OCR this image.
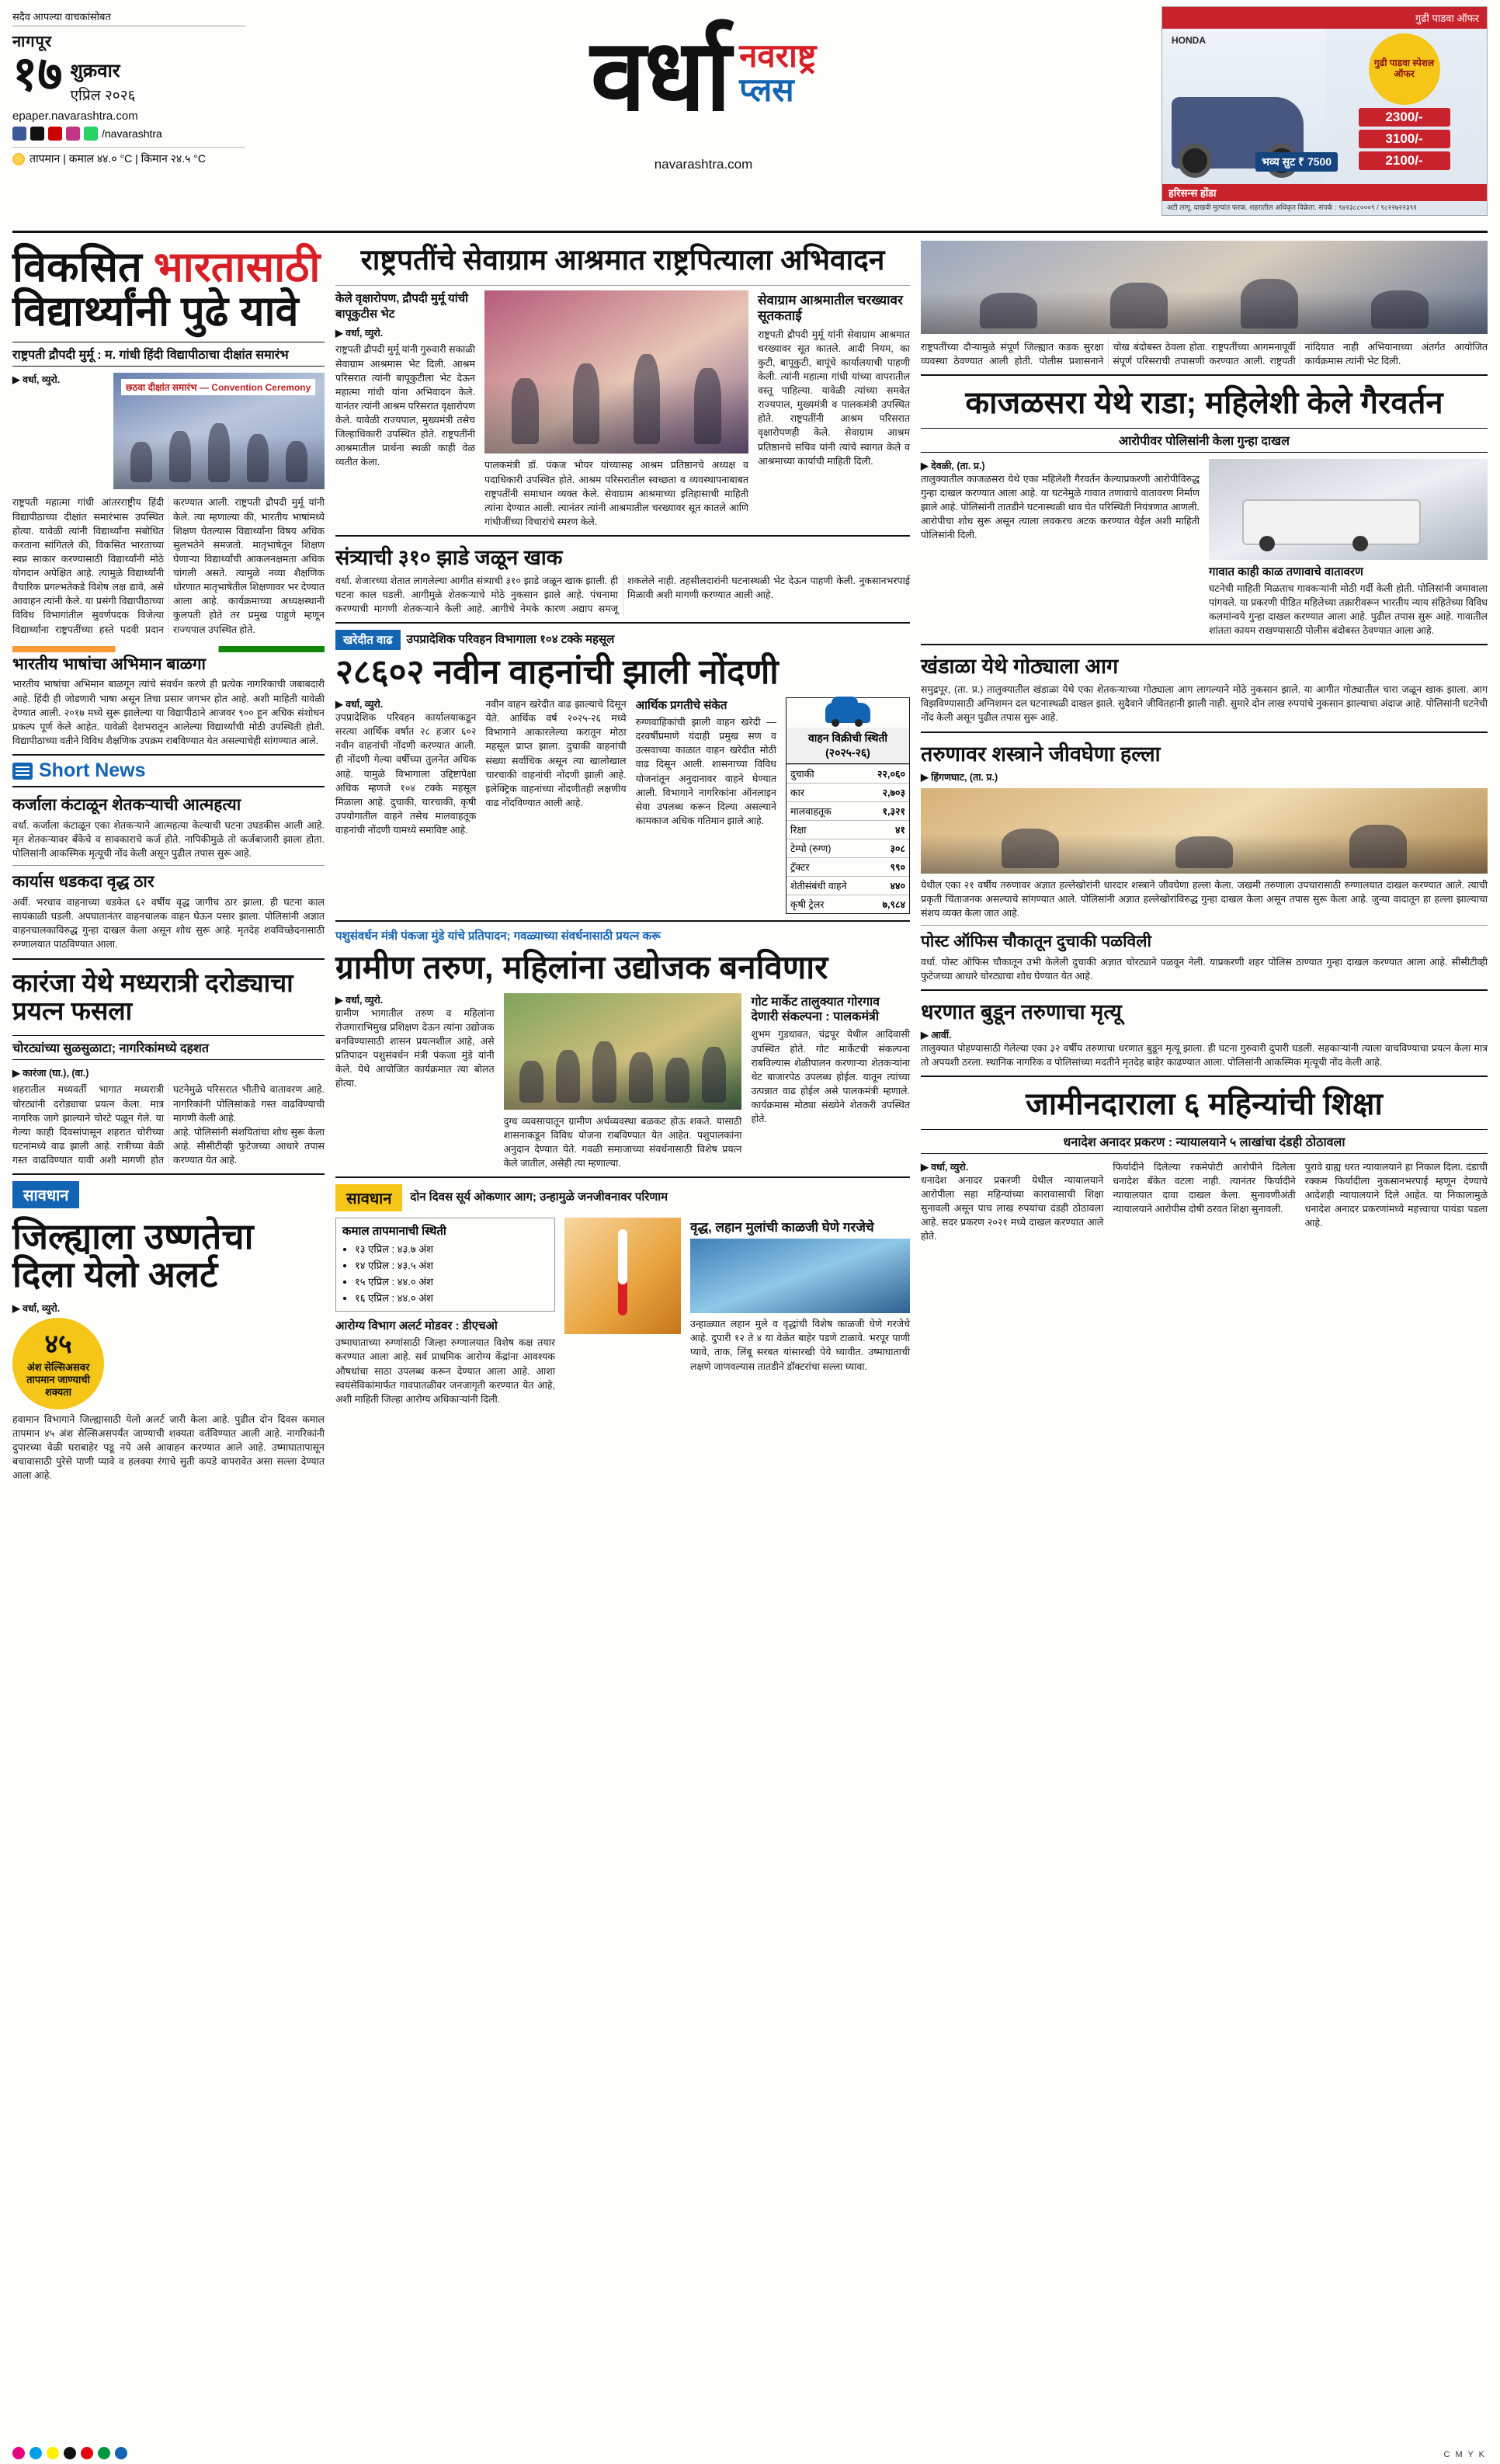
सदैव आपल्या वाचकांसोबत
नागपूर
१७ शुक्रवार
एप्रिल २०२६
epaper.navarashtra.com
/navarashtra
तापमान | कमाल ४४.० °C | किमान २४.५ °C
वर्धा नवराष्ट्र
प्लस
navarashtra.com
गुढी पाडवा ऑफर
HONDA
गुढी पाडवा स्पेशल ऑफर
2300/-
3100/-
2100/-
भव्य सुट ₹ 7500
हरिसन्स होंडा
अटी लागू. दाखवी मुल्यांत फरक. शहरातील अधिकृत विक्रेता. संपर्क : ९४२३८८०००९ / ९८२२७२२३९१
विकसित भारतासाठी
विद्यार्थ्यांनी पुढे यावे
राष्ट्रपती द्रौपदी मुर्मू : म. गांधी हिंदी विद्यापीठाचा दीक्षांत समारंभ
▶ वर्धा, व्युरो.
छठवा दीक्षांत समारंभ — Convention Ceremony
राष्ट्रपती महात्मा गांधी आंतरराष्ट्रीय हिंदी विद्यापीठाच्या दीक्षांत समारंभास उपस्थित होत्या. यावेळी त्यांनी विद्यार्थ्यांना संबोधित करताना सांगितले की, विकसित भारताच्या स्वप्न साकार करण्यासाठी विद्यार्थ्यांनी मोठे योगदान अपेक्षित आहे. त्यामुळे विद्यार्थ्यांनी वैचारिक प्रगल्भतेकडे विशेष लक्ष द्यावे, असे आवाहन त्यांनी केले. या प्रसंगी विद्यापीठाच्या विविध विभागांतील सुवर्णपदक विजेत्या विद्यार्थ्यांना राष्ट्रपतींच्या हस्ते पदवी प्रदान करण्यात आली. राष्ट्रपती द्रौपदी मुर्मू यांनी केले. त्या म्हणाल्या की, भारतीय भाषांमध्ये शिक्षण घेतल्यास विद्यार्थ्यांना विषय अधिक सुलभतेने समजतो. मातृभाषेतून शिक्षण घेणाऱ्या विद्यार्थ्यांची आकलनक्षमता अधिक चांगली असते. त्यामुळे नव्या शैक्षणिक धोरणात मातृभाषेतील शिक्षणावर भर देण्यात आला आहे. कार्यक्रमाच्या अध्यक्षस्थानी कुलपती होते तर प्रमुख पाहुणे म्हणून राज्यपाल उपस्थित होते.
भारतीय भाषांचा अभिमान बाळगा
भारतीय भाषांचा अभिमान बाळगून त्यांचे संवर्धन करणे ही प्रत्येक नागरिकाची जबाबदारी आहे. हिंदी ही जोडणारी भाषा असून तिचा प्रसार जगभर होत आहे. अशी माहिती यावेळी देण्यात आली. २०१७ मध्ये सुरू झालेल्या या विद्यापीठाने आजवर ९०० हून अधिक संशोधन प्रकल्प पूर्ण केले आहेत. यावेळी देशभरातून आलेल्या विद्यार्थ्यांची मोठी उपस्थिती होती. विद्यापीठाच्या वतीने विविध शैक्षणिक उपक्रम राबविण्यात येत असल्याचेही सांगण्यात आले.
Short News
कर्जाला कंटाळून शेतकऱ्याची आत्महत्या
वर्धा. कर्जाला कंटाळून एका शेतकऱ्याने आत्महत्या केल्याची घटना उघडकीस आली आहे. मृत शेतकऱ्यावर बँकेचे व सावकाराचे कर्ज होते. नापिकीमुळे तो कर्जबाजारी झाला होता. पोलिसांनी आकस्मिक मृत्यूची नोंद केली असून पुढील तपास सुरू आहे.
कार्यास धडकदा वृद्ध ठार
अर्वी. भरधाव वाहनाच्या धडकेत ६२ वर्षीय वृद्ध जागीच ठार झाला. ही घटना काल सायंकाळी घडली. अपघातानंतर वाहनचालक वाहन घेऊन पसार झाला. पोलिसांनी अज्ञात वाहनचालकाविरुद्ध गुन्हा दाखल केला असून शोध सुरू आहे. मृतदेह शवविच्छेदनासाठी रुग्णालयात पाठविण्यात आला.
कारंजा येथे मध्यरात्री दरोड्याचा प्रयत्न फसला
चोरट्यांच्या सुळसुळाटा; नागरिकांमध्ये दहशत
▶ कारंजा (घा.), (वा.)
शहरातील मध्यवर्ती भागात मध्यरात्री चोरट्यांनी दरोड्याचा प्रयत्न केला. मात्र नागरिक जागे झाल्याने चोरटे पळून गेले. या घटनेमुळे परिसरात भीतीचे वातावरण आहे. नागरिकांनी पोलिसांकडे गस्त वाढविण्याची मागणी केली आहे.
गेल्या काही दिवसांपासून शहरात चोरीच्या घटनांमध्ये वाढ झाली आहे. रात्रीच्या वेळी गस्त वाढविण्यात यावी अशी मागणी होत आहे. पोलिसांनी संशयितांचा शोध सुरू केला आहे. सीसीटीव्ही फुटेजच्या आधारे तपास करण्यात येत आहे.
सावधान
जिल्ह्याला उष्णतेचा दिला येलो अलर्ट
▶ वर्धा, व्युरो.
४५
अंश सेल्सिअसवर तापमान जाण्याची शक्यता
हवामान विभागाने जिल्ह्यासाठी येलो अलर्ट जारी केला आहे. पुढील दोन दिवस कमाल तापमान ४५ अंश सेल्सिअसपर्यंत जाण्याची शक्यता वर्तविण्यात आली आहे. नागरिकांनी दुपारच्या वेळी घराबाहेर पडू नये असे आवाहन करण्यात आले आहे. उष्माघातापासून बचावासाठी पुरेसे पाणी प्यावे व हलक्या रंगाचे सुती कपडे वापरावेत असा सल्ला देण्यात आला आहे.
राष्ट्रपतींचे सेवाग्राम आश्रमात राष्ट्रपित्याला अभिवादन
केले वृक्षारोपण, द्रौपदी मुर्मू यांची बापूकुटीस भेट
▶ वर्धा, व्युरो.
राष्ट्रपती द्रौपदी मुर्मू यांनी गुरुवारी सकाळी सेवाग्राम आश्रमास भेट दिली. आश्रम परिसरात त्यांनी बापूकुटीला भेट देऊन महात्मा गांधी यांना अभिवादन केले. यानंतर त्यांनी आश्रम परिसरात वृक्षारोपण केले. यावेळी राज्यपाल, मुख्यमंत्री तसेच जिल्हाधिकारी उपस्थित होते. राष्ट्रपतींनी आश्रमातील प्रार्थना स्थळी काही वेळ व्यतीत केला.	पालकमंत्री डॉ. पंकज भोयर यांच्यासह आश्रम प्रतिष्ठानचे अध्यक्ष व पदाधिकारी उपस्थित होते. आश्रम परिसरातील स्वच्छता व व्यवस्थापनाबाबत राष्ट्रपतींनी समाधान व्यक्त केले. सेवाग्राम आश्रमाच्या इतिहासाची माहिती त्यांना देण्यात आली. त्यानंतर त्यांनी आश्रमातील चरख्यावर सूत कातले आणि गांधीजींच्या विचारांचे स्मरण केले.
सेवाग्राम आश्रमातील चरख्यावर सूतकताई
राष्ट्रपती द्रौपदी मुर्मू यांनी सेवाग्राम आश्रमात चरख्यावर सूत कातले. आदी नियम, का कुटी, बापूकुटी, बापूंचे कार्यालयाची पाहणी केली. त्यांनी महात्मा गांधी यांच्या वापरातील वस्तू पाहिल्या. यावेळी त्यांच्या समवेत राज्यपाल, मुख्यमंत्री व पालकमंत्री उपस्थित होते. राष्ट्रपतींनी आश्रम परिसरात वृक्षारोपणही केले. सेवाग्राम आश्रम प्रतिष्ठानचे सचिव यांनी त्यांचे स्वागत केले व आश्रमाच्या कार्याची माहिती दिली.
संत्र्याची ३१० झाडे जळून खाक
वर्धा. शेजारच्या शेतात लागलेल्या आगीत संत्र्याची ३१० झाडे जळून खाक झाली. ही घटना काल घडली. आगीमुळे शेतकऱ्याचे मोठे नुकसान झाले आहे. पंचनामा करण्याची मागणी शेतकऱ्याने केली आहे. आगीचे नेमके कारण अद्याप समजू शकलेले नाही. तहसीलदारांनी घटनास्थळी भेट देऊन पाहणी केली. नुकसानभरपाई मिळावी अशी मागणी करण्यात आली आहे.
खरेदीत वाढ	उपप्रादेशिक परिवहन विभागाला १०४ टक्के महसूल
२८६०२ नवीन वाहनांची झाली नोंदणी
▶ वर्धा, व्युरो.
उपप्रादेशिक परिवहन कार्यालयाकडून सरत्या आर्थिक वर्षात २८ हजार ६०२ नवीन वाहनांची नोंदणी करण्यात आली. ही नोंदणी गेल्या वर्षीच्या तुलनेत अधिक आहे. यामुळे विभागाला उद्दिष्टापेक्षा अधिक म्हणजे १०४ टक्के महसूल मिळाला आहे. दुचाकी, चारचाकी, कृषी उपयोगातील वाहने तसेच मालवाहतूक वाहनांची नोंदणी यामध्ये समाविष्ट आहे.
नवीन वाहन खरेदीत वाढ झाल्याचे दिसून येते. आर्थिक वर्ष २०२५-२६ मध्ये विभागाने आकारलेल्या करातून मोठा महसूल प्राप्त झाला. दुचाकी वाहनांची संख्या सर्वाधिक असून त्या खालोखाल चारचाकी वाहनांची नोंदणी झाली आहे. इलेक्ट्रिक वाहनांच्या नोंदणीतही लक्षणीय वाढ नोंदविण्यात आली आहे.
आर्थिक प्रगतीचे संकेत
रुग्णवाहिकांची झाली वाहन खरेदी — दरवर्षीप्रमाणे यंदाही प्रमुख सण व उत्सवाच्या काळात वाहन खरेदीत मोठी वाढ दिसून आली. शासनाच्या विविध योजनांतून अनुदानावर वाहने घेण्यात आली. विभागाने नागरिकांना ऑनलाइन सेवा उपलब्ध करून दिल्या असल्याने कामकाज अधिक गतिमान झाले आहे.
वाहन विक्रीची स्थिती (२०२५-२६)
दुचाकी	२२,०६०
कार	२,७०३
मालवाहतूक	१,३२१
रिक्षा	४१
टेम्पो (रुग्ण)	३०८
ट्रॅक्टर	९९०
शेतीसंबंधी वाहने	४४०
कृषी ट्रेलर	७,९८४
पशुसंवर्धन मंत्री पंकजा मुंडे यांचे प्रतिपादन; गवळ्याच्या संवर्धनासाठी प्रयत्न करू
ग्रामीण तरुण, महिलांना उद्योजक बनविणार
▶ वर्धा, व्युरो.
ग्रामीण भागातील तरुण व महिलांना रोजगाराभिमुख प्रशिक्षण देऊन त्यांना उद्योजक बनविण्यासाठी शासन प्रयत्नशील आहे, असे प्रतिपादन पशुसंवर्धन मंत्री पंकजा मुंडे यांनी केले. येथे आयोजित कार्यक्रमात त्या बोलत होत्या.
दुग्ध व्यवसायातून ग्रामीण अर्थव्यवस्था बळकट होऊ शकते. यासाठी शासनाकडून विविध योजना राबविण्यात येत आहेत. पशुपालकांना अनुदान देण्यात येते. गवळी समाजाच्या संवर्धनासाठी विशेष प्रयत्न केले जातील, असेही त्या म्हणाल्या.
गोट मार्केट तालुक्यात गोरगाव देणारी संकल्पना : पालकमंत्री
शुभम गुडधावत, चंद्रपूर येथील आदिवासी उपस्थित होते. गोट मार्केटची संकल्पना राबविल्यास शेळीपालन करणाऱ्या शेतकऱ्यांना थेट बाजारपेठ उपलब्ध होईल. यातून त्यांच्या उत्पन्नात वाढ होईल असे पालकमंत्री म्हणाले. कार्यक्रमास मोठ्या संख्येने शेतकरी उपस्थित होते.
सावधान	दोन दिवस सूर्य ओकणार आग; उन्हामुळे जनजीवनावर परिणाम
कमाल तापमानाची स्थिती
• १३ एप्रिल : ४३.७ अंश
• १४ एप्रिल : ४३.५ अंश
• १५ एप्रिल : ४४.० अंश
• १६ एप्रिल : ४४.० अंश
आरोग्य विभाग अलर्ट मोडवर : डीएचओ
उष्माघाताच्या रुग्णांसाठी जिल्हा रुग्णालयात विशेष कक्ष तयार करण्यात आला आहे. सर्व प्राथमिक आरोग्य केंद्रांना आवश्यक औषधांचा साठा उपलब्ध करून देण्यात आला आहे. आशा स्वयंसेविकांमार्फत गावपातळीवर जनजागृती करण्यात येत आहे, अशी माहिती जिल्हा आरोग्य अधिकाऱ्यांनी दिली.
वृद्ध, लहान मुलांची काळजी घेणे गरजेचे
उन्हाळ्यात लहान मुले व वृद्धांची विशेष काळजी घेणे गरजेचे आहे. दुपारी १२ ते ४ या वेळेत बाहेर पडणे टाळावे. भरपूर पाणी प्यावे, ताक, लिंबू सरबत यांसारखी पेये घ्यावीत. उष्माघाताची लक्षणे जाणवल्यास तातडीने डॉक्टरांचा सल्ला घ्यावा.
राष्ट्रपतींच्या दौऱ्यामुळे संपूर्ण जिल्ह्यात कडक सुरक्षा व्यवस्था ठेवण्यात आली होती. पोलीस प्रशासनाने चोख बंदोबस्त ठेवला होता. राष्ट्रपतींच्या आगमनापूर्वी संपूर्ण परिसराची तपासणी करण्यात आली. राष्ट्रपती नांदियात नाही अभियानाच्या अंतर्गत आयोजित कार्यक्रमास त्यांनी भेट दिली.
काजळसरा येथे राडा; महिलेशी केले गैरवर्तन
आरोपीवर पोलिसांनी केला गुन्हा दाखल
▶ देवळी, (ता. प्र.)
तालुक्यातील काजळसरा येथे एका महिलेशी गैरवर्तन केल्याप्रकरणी आरोपीविरुद्ध गुन्हा दाखल करण्यात आला आहे. या घटनेमुळे गावात तणावाचे वातावरण निर्माण झाले आहे. पोलिसांनी तातडीने घटनास्थळी धाव घेत परिस्थिती नियंत्रणात आणली. आरोपीचा शोध सुरू असून त्याला लवकरच अटक करण्यात येईल अशी माहिती पोलिसांनी दिली.
गावात काही काळ तणावाचे वातावरण
घटनेची माहिती मिळताच गावकऱ्यांनी मोठी गर्दी केली होती. पोलिसांनी जमावाला पांगवले. या प्रकरणी पीडित महिलेच्या तक्रारीवरून भारतीय न्याय संहितेच्या विविध कलमांन्वये गुन्हा दाखल करण्यात आला आहे. पुढील तपास सुरू आहे. गावातील शांतता कायम राखण्यासाठी पोलीस बंदोबस्त ठेवण्यात आला आहे.
खंडाळा येथे गोठ्याला आग
समुद्रपूर, (ता. प्र.) तालुक्यातील खंडाळा येथे एका शेतकऱ्याच्या गोठ्याला आग लागल्याने मोठे नुकसान झाले. या आगीत गोठ्यातील चारा जळून खाक झाला. आग विझविण्यासाठी अग्निशमन दल घटनास्थळी दाखल झाले. सुदैवाने जीवितहानी झाली नाही. सुमारे दोन लाख रुपयांचे नुकसान झाल्याचा अंदाज आहे. पोलिसांनी घटनेची नोंद केली असून पुढील तपास सुरू आहे.
तरुणावर शस्त्राने जीवघेणा हल्ला
▶ हिंगणघाट, (ता. प्र.)
येथील एका २१ वर्षीय तरुणावर अज्ञात हल्लेखोरांनी धारदार शस्त्राने जीवघेणा हल्ला केला. जखमी तरुणाला उपचारासाठी रुग्णालयात दाखल करण्यात आले. त्याची प्रकृती चिंताजनक असल्याचे सांगण्यात आले. पोलिसांनी अज्ञात हल्लेखोरांविरुद्ध गुन्हा दाखल केला असून तपास सुरू केला आहे. जुन्या वादातून हा हल्ला झाल्याचा संशय व्यक्त केला जात आहे.
पोस्ट ऑफिस चौकातून दुचाकी पळविली
वर्धा. पोस्ट ऑफिस चौकातून उभी केलेली दुचाकी अज्ञात चोरट्याने पळवून नेली. याप्रकरणी शहर पोलिस ठाण्यात गुन्हा दाखल करण्यात आला आहे. सीसीटीव्ही फुटेजच्या आधारे चोरट्याचा शोध घेण्यात येत आहे.
धरणात बुडून तरुणाचा मृत्यू
▶ आर्वी.
तालुक्यात पोहण्यासाठी गेलेल्या एका ३२ वर्षीय तरुणाचा धरणात बुडून मृत्यू झाला. ही घटना गुरुवारी दुपारी घडली. सहकाऱ्यांनी त्याला वाचविण्याचा प्रयत्न केला मात्र तो अपयशी ठरला. स्थानिक नागरिक व पोलिसांच्या मदतीने मृतदेह बाहेर काढण्यात आला. पोलिसांनी आकस्मिक मृत्यूची नोंद केली आहे.
जामीनदाराला ६ महिन्यांची शिक्षा
धनादेश अनादर प्रकरण : न्यायालयाने ५ लाखांचा दंडही ठोठावला
▶ वर्धा, व्युरो.
धनादेश अनादर प्रकरणी येथील न्यायालयाने आरोपीला सहा महिन्यांच्या कारावासाची शिक्षा सुनावली असून पाच लाख रुपयांचा दंडही ठोठावला आहे. सदर प्रकरण २०२१ मध्ये दाखल करण्यात आले होते.
फिर्यादीने दिलेल्या रकमेपोटी आरोपीने दिलेला धनादेश बँकेत वटला नाही. त्यानंतर फिर्यादीने न्यायालयात दावा दाखल केला. सुनावणीअंती न्यायालयाने आरोपीस दोषी ठरवत शिक्षा सुनावली.
पुरावे ग्राह्य धरत न्यायालयाने हा निकाल दिला. दंडाची रक्कम फिर्यादीला नुकसानभरपाई म्हणून देण्याचे आदेशही न्यायालयाने दिले आहेत. या निकालामुळे धनादेश अनादर प्रकरणांमध्ये महत्त्वाचा पायंडा पडला आहे.
C M Y K
